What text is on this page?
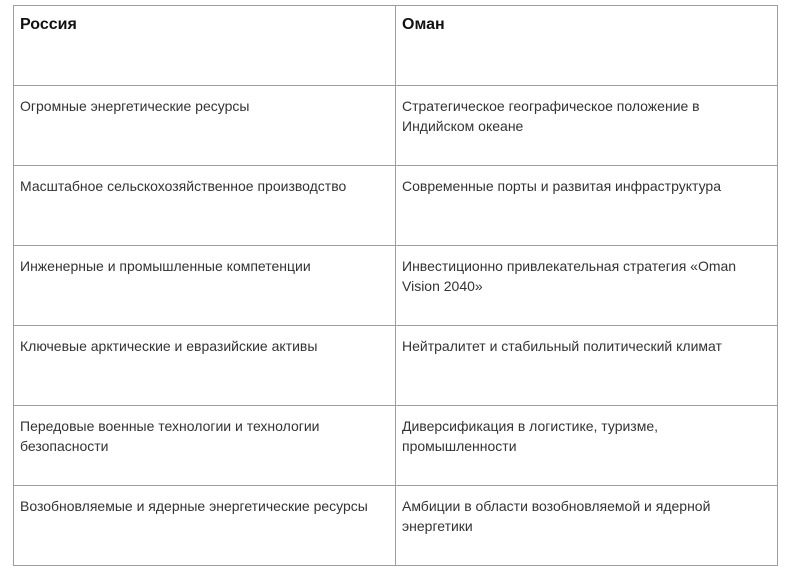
Россия	Оман
Огромные энергетические ресурсы	Стратегическое географическое положение в Индийском океане
Масштабное сельскохозяйственное производство	Современные порты и развитая инфраструктура
Инженерные и промышленные компетенции	Инвестиционно привлекательная стратегия «Oman Vision 2040»
Ключевые арктические и евразийские активы	Нейтралитет и стабильный политический климат
Передовые военные технологии и технологии безопасности	Диверсификация в логистике, туризме, промышленности
Возобновляемые и ядерные энергетические ресурсы	Амбиции в области возобновляемой и ядерной энергетики
